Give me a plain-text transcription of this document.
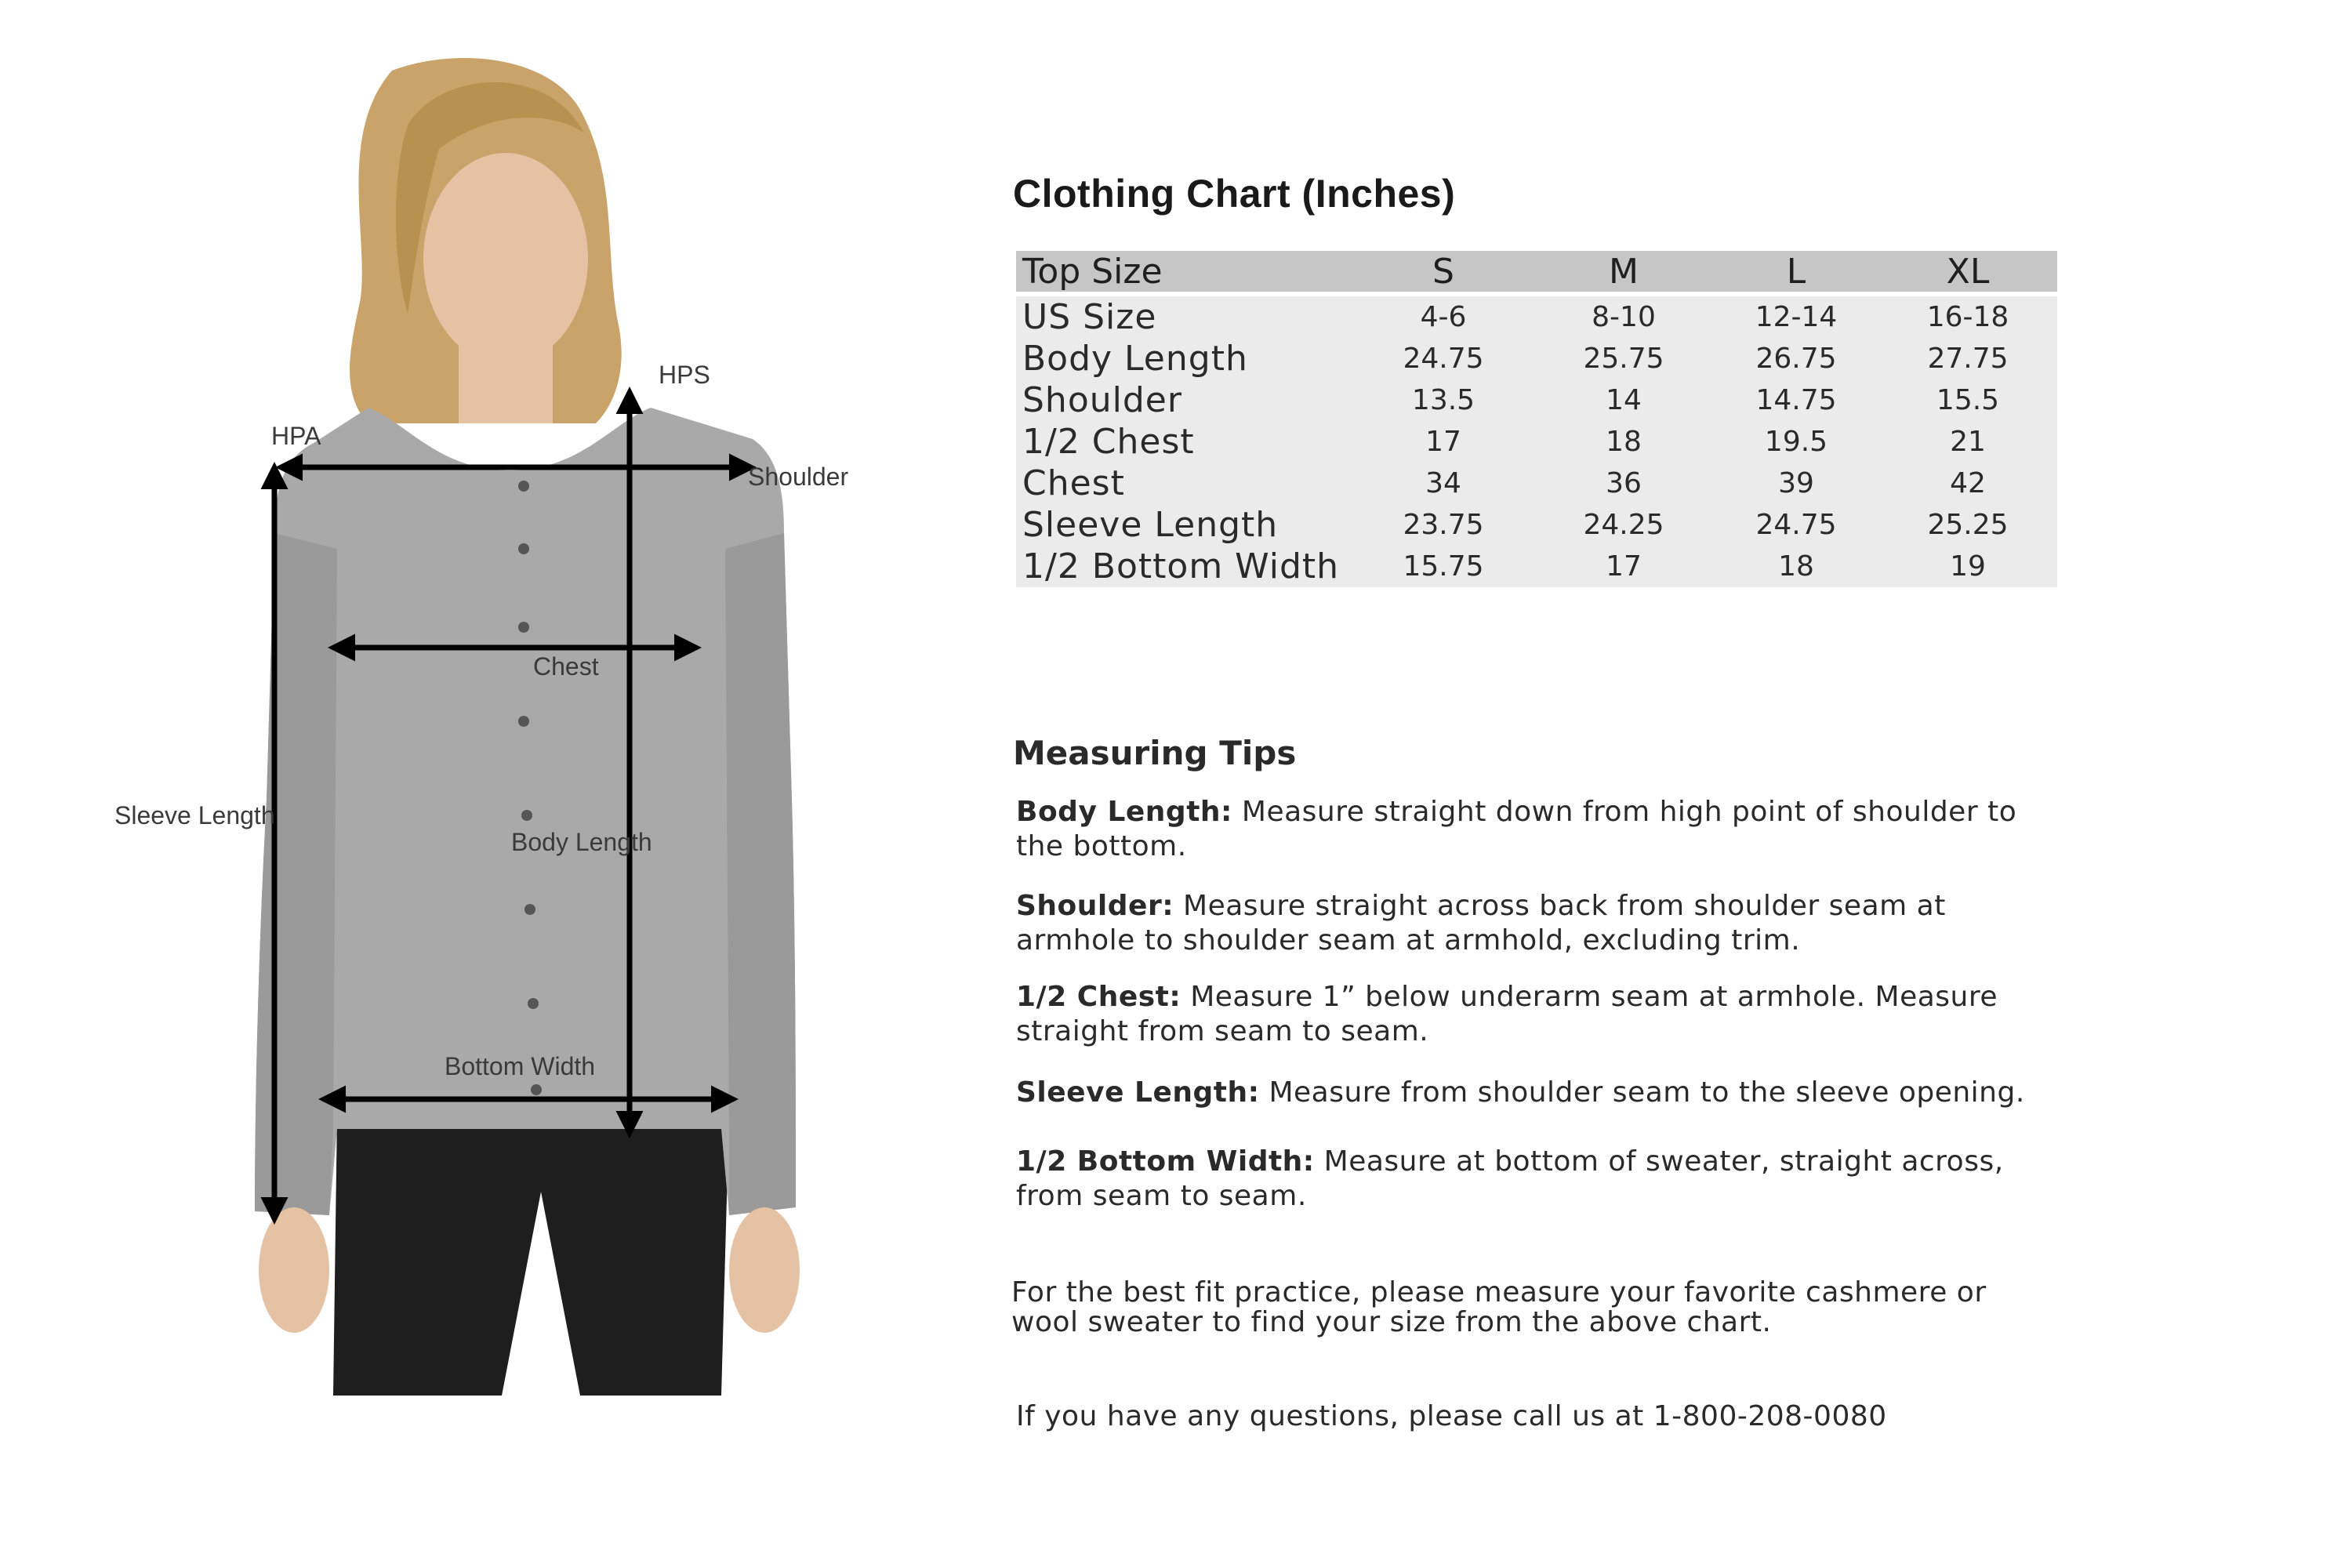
HPS
HPA
Shoulder
Chest
Sleeve Length
Body Length
Bottom Width
Clothing Chart (Inches)
Top Size	S	M	L	XL

US Size	4-6	8-10	12-14	16-18
Body Length	24.75	25.75	26.75	27.75
Shoulder	13.5	14	14.75	15.5
1/2 Chest	17	18	19.5	21
Chest	34	36	39	42
Sleeve Length	23.75	24.25	24.75	25.25
1/2 Bottom Width	15.75	17	18	19
Measuring Tips
Body Length: Measure straight down from high point of shoulder to the bottom.
Shoulder: Measure straight across back from shoulder seam at armhole to shoulder seam at armhold, excluding trim.
1/2 Chest: Measure 1” below underarm seam at armhole. Measure straight from seam to seam.
Sleeve Length: Measure from shoulder seam to the sleeve opening.
1/2 Bottom Width: Measure at bottom of sweater, straight across, from seam to seam.
For the best fit practice, please measure your favorite cashmere or wool sweater to find your size from the above chart.
If you have any questions, please call us at 1-800-208-0080
